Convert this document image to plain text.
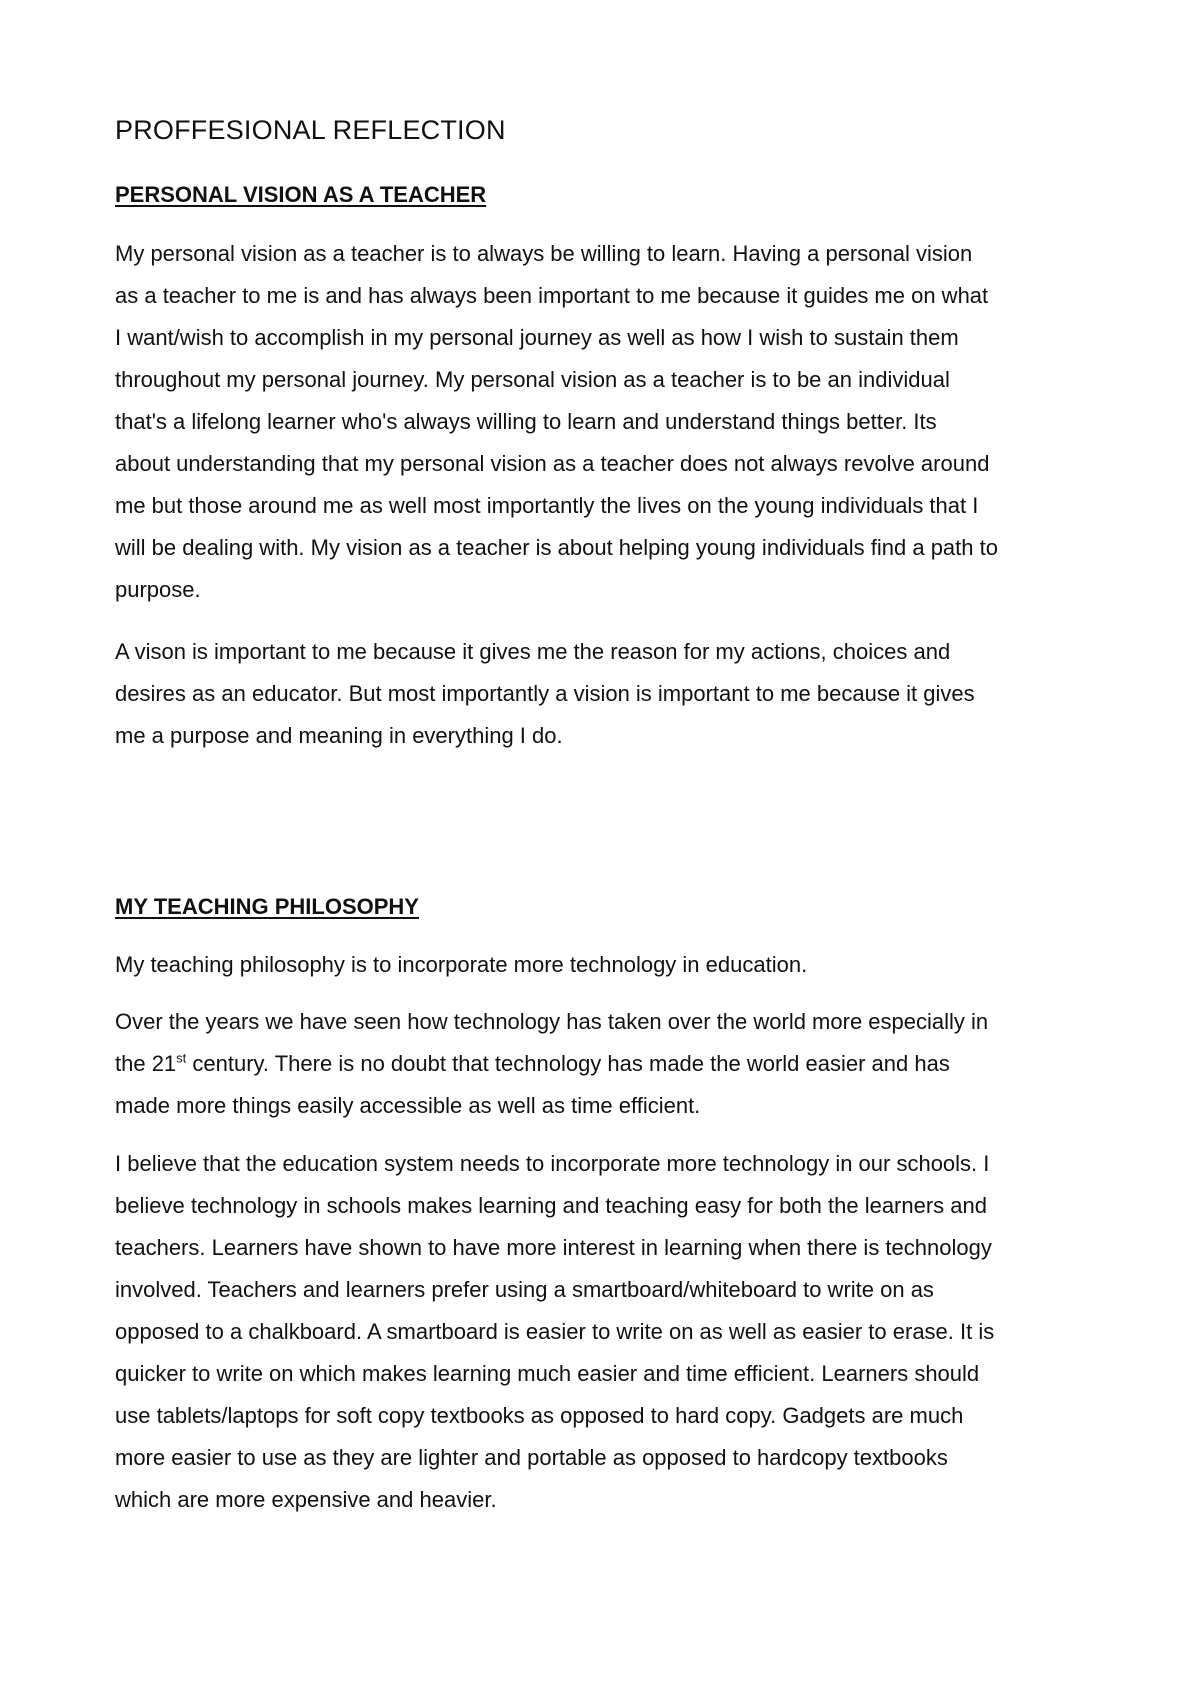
PROFFESIONAL REFLECTION
PERSONAL VISION AS A TEACHER

My personal vision as a teacher is to always be willing to learn. Having a personal vision
as a teacher to me is and has always been important to me because it guides me on what
I want/wish to accomplish in my personal journey as well as how I wish to sustain them
throughout my personal journey. My personal vision as a teacher is to be an individual
that's a lifelong learner who's always willing to learn and understand things better. Its
about understanding that my personal vision as a teacher does not always revolve around
me but those around me as well most importantly the lives on the young individuals that I
will be dealing with. My vision as a teacher is about helping young individuals find a path to
purpose.

A vison is important to me because it gives me the reason for my actions, choices and
desires as an educator. But most importantly a vision is important to me because it gives
me a purpose and meaning in everything I do.

MY TEACHING PHILOSOPHY

My teaching philosophy is to incorporate more technology in education.

Over the years we have seen how technology has taken over the world more especially in
the 21st century. There is no doubt that technology has made the world easier and has
made more things easily accessible as well as time efficient.

I believe that the education system needs to incorporate more technology in our schools. I
believe technology in schools makes learning and teaching easy for both the learners and
teachers. Learners have shown to have more interest in learning when there is technology
involved. Teachers and learners prefer using a smartboard/whiteboard to write on as
opposed to a chalkboard. A smartboard is easier to write on as well as easier to erase. It is
quicker to write on which makes learning much easier and time efficient. Learners should
use tablets/laptops for soft copy textbooks as opposed to hard copy. Gadgets are much
more easier to use as they are lighter and portable as opposed to hardcopy textbooks
which are more expensive and heavier.
